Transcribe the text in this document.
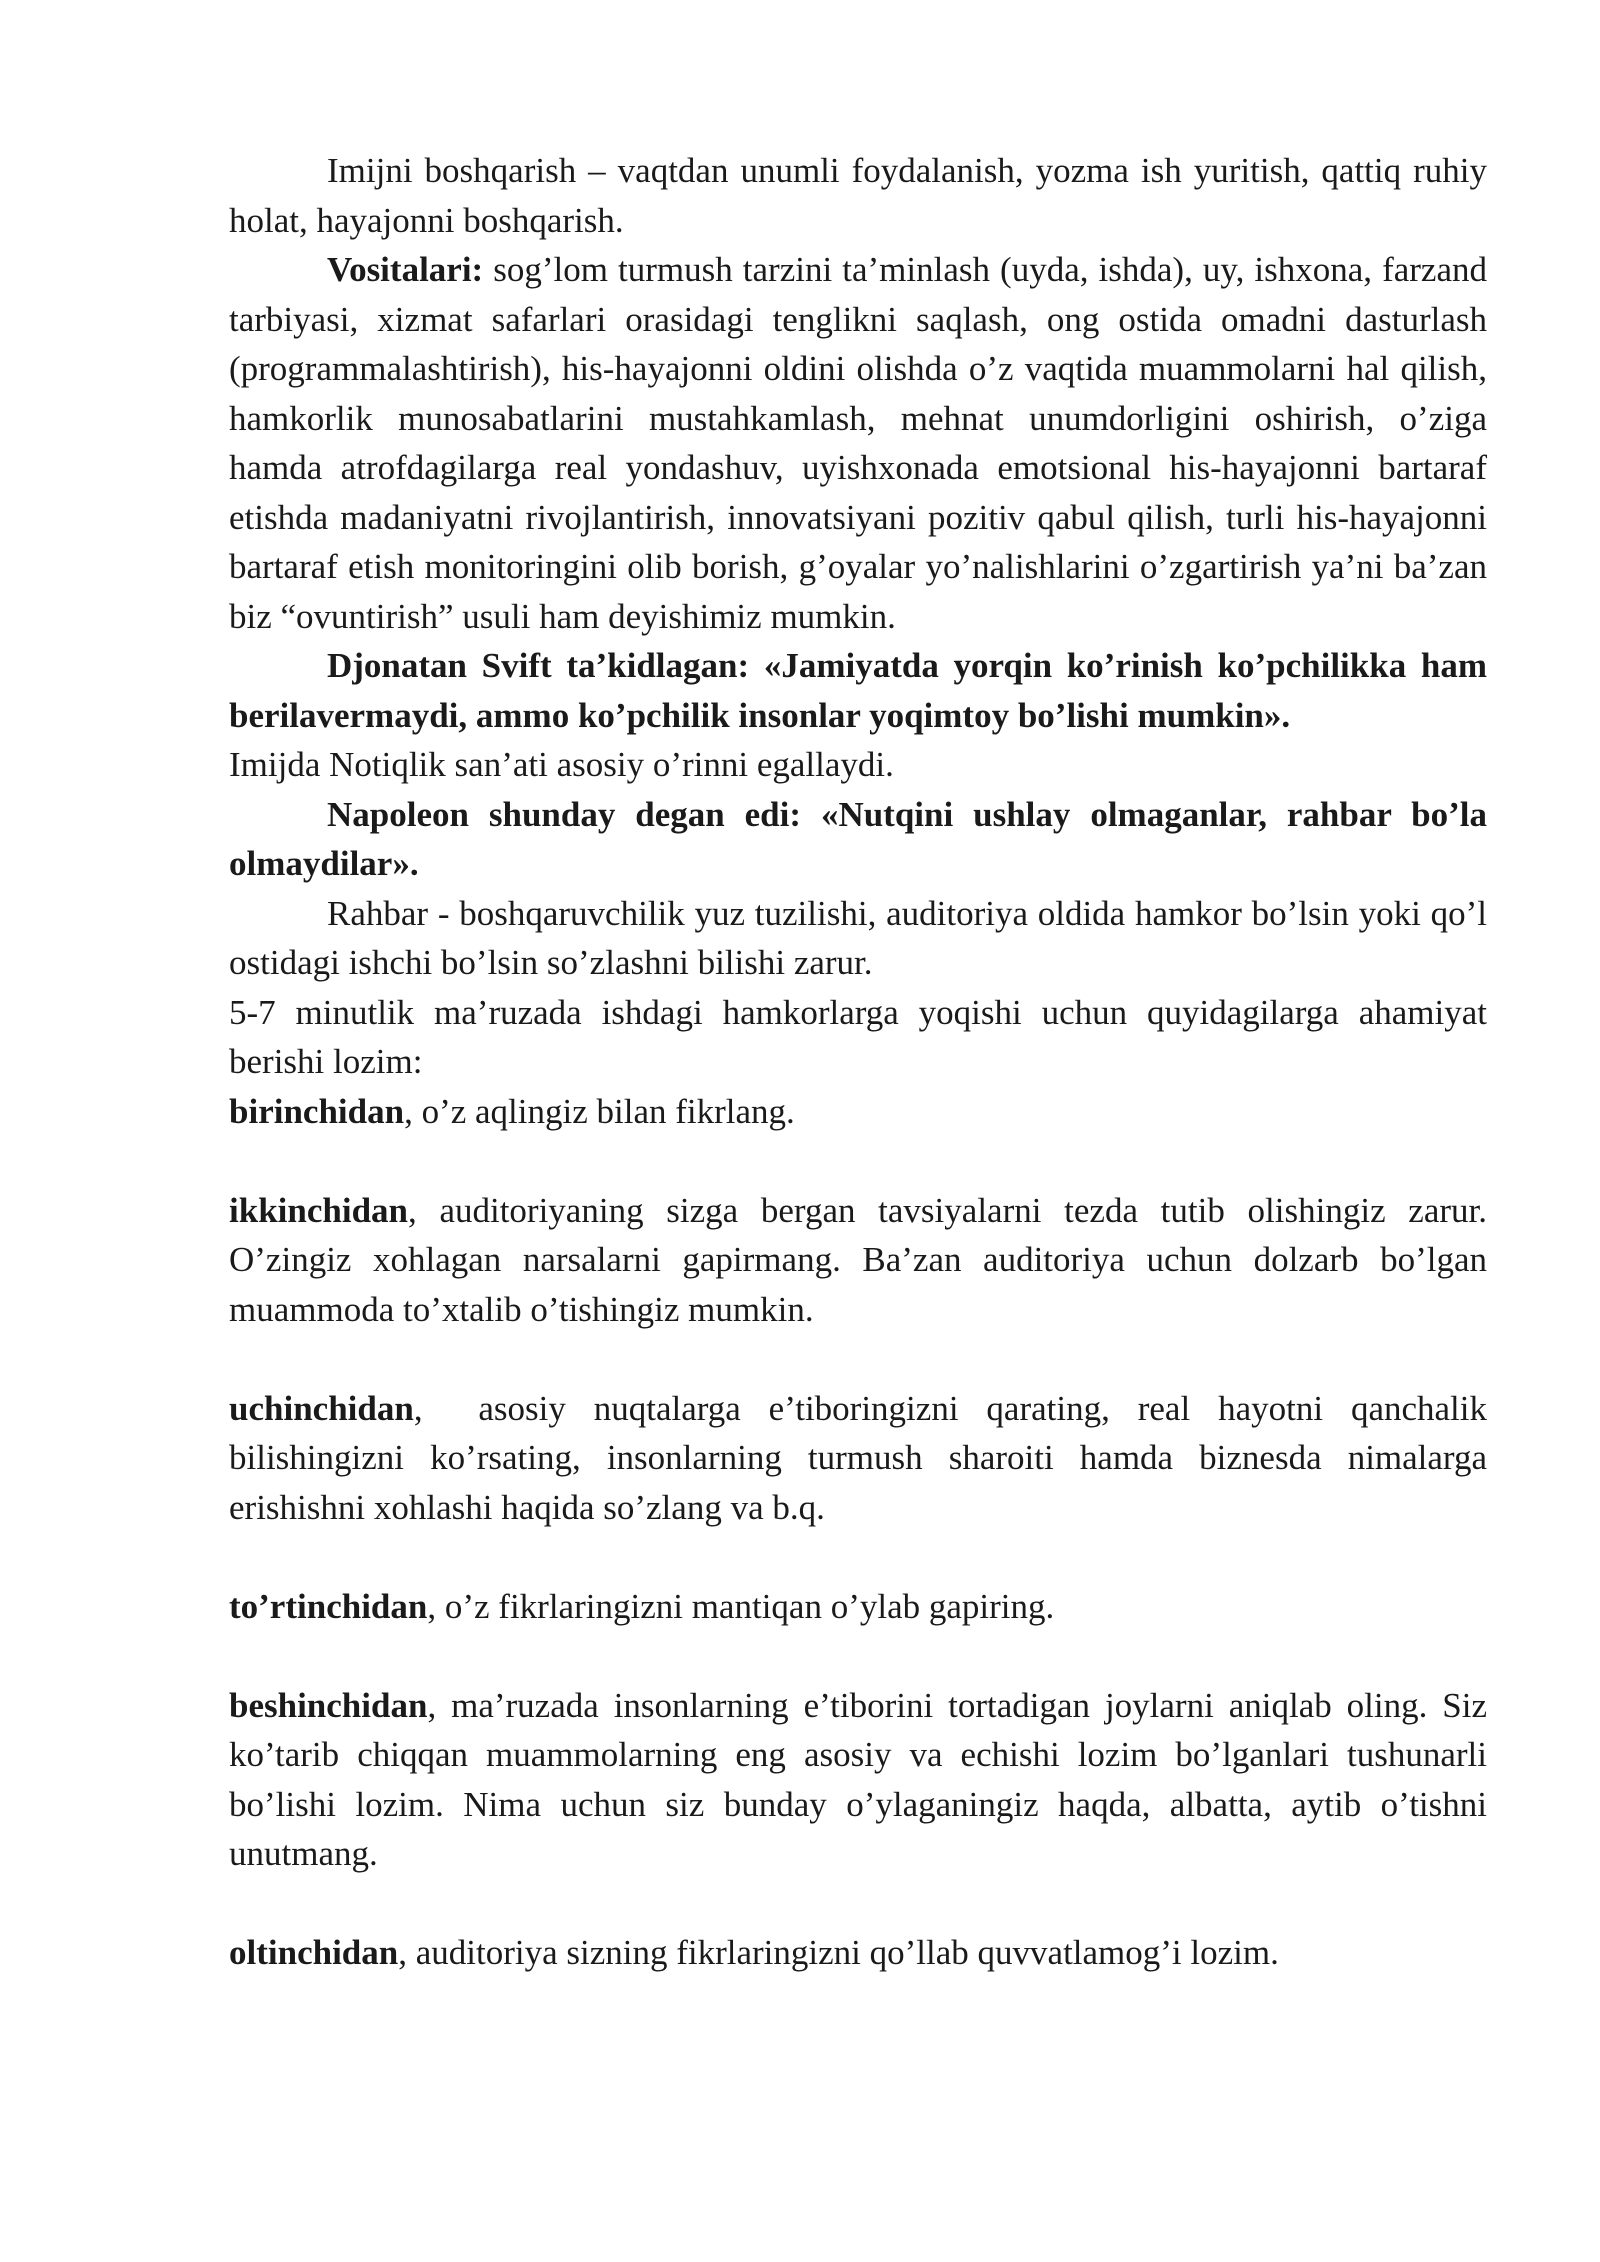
Imijni boshqarish – vaqtdan unumli foydalanish, yozma ish yuritish, qattiq ruhiy holat, hayajonni boshqarish.

Vositalari: sog’lom turmush tarzini ta’minlash (uyda, ishda), uy, ishxona, farzand tarbiyasi, xizmat safarlari orasidagi tenglikni saqlash, ong ostida omadni dasturlash (programmalashtirish), his-hayajonni oldini olishda o’z vaqtida muammolarni hal qilish, hamkorlik munosabatlarini mustahkamlash, mehnat unumdorligini oshirish, o’ziga hamda atrofdagilarga real yondashuv, uyishxonada emotsional his-hayajonni bartaraf etishda madaniyatni rivojlantirish, innovatsiyani pozitiv qabul qilish, turli his-hayajonni bartaraf etish monitoringini olib borish, g’oyalar yo’nalishlarini o’zgartirish ya’ni ba’zan biz “ovuntirish” usuli ham deyishimiz mumkin.

Djonatan Svift ta’kidlagan: «Jamiyatda yorqin ko’rinish ko’pchilikka ham berilavermaydi, ammo ko’pchilik insonlar yoqimtoy bo’lishi mumkin».

Imijda Notiqlik san’ati asosiy o’rinni egallaydi.

Napoleon shunday degan edi: «Nutqini ushlay olmaganlar, rahbar bo’la olmaydilar».

Rahbar - boshqaruvchilik yuz tuzilishi, auditoriya oldida hamkor bo’lsin yoki qo’l ostidagi ishchi bo’lsin so’zlashni bilishi zarur.

5-7 minutlik ma’ruzada ishdagi hamkorlarga yoqishi uchun quyidagilarga ahamiyat berishi lozim:

birinchidan, o’z aqlingiz bilan fikrlang.

ikkinchidan, auditoriyaning sizga bergan tavsiyalarni tezda tutib olishingiz zarur. O’zingiz xohlagan narsalarni gapirmang. Ba’zan auditoriya uchun dolzarb bo’lgan muammoda to’xtalib o’tishingiz mumkin.

uchinchidan,  asosiy nuqtalarga e’tiboringizni qarating, real hayotni qanchalik bilishingizni ko’rsating, insonlarning turmush sharoiti hamda biznesda nimalarga erishishni xohlashi haqida so’zlang va b.q.

to’rtinchidan, o’z fikrlaringizni mantiqan o’ylab gapiring.

beshinchidan, ma’ruzada insonlarning e’tiborini tortadigan joylarni aniqlab oling. Siz ko’tarib chiqqan muammolarning eng asosiy va echishi lozim bo’lganlari tushunarli bo’lishi lozim. Nima uchun siz bunday o’ylaganingiz haqda, albatta, aytib o’tishni unutmang.

oltinchidan, auditoriya sizning fikrlaringizni qo’llab quvvatlamog’i lozim.
